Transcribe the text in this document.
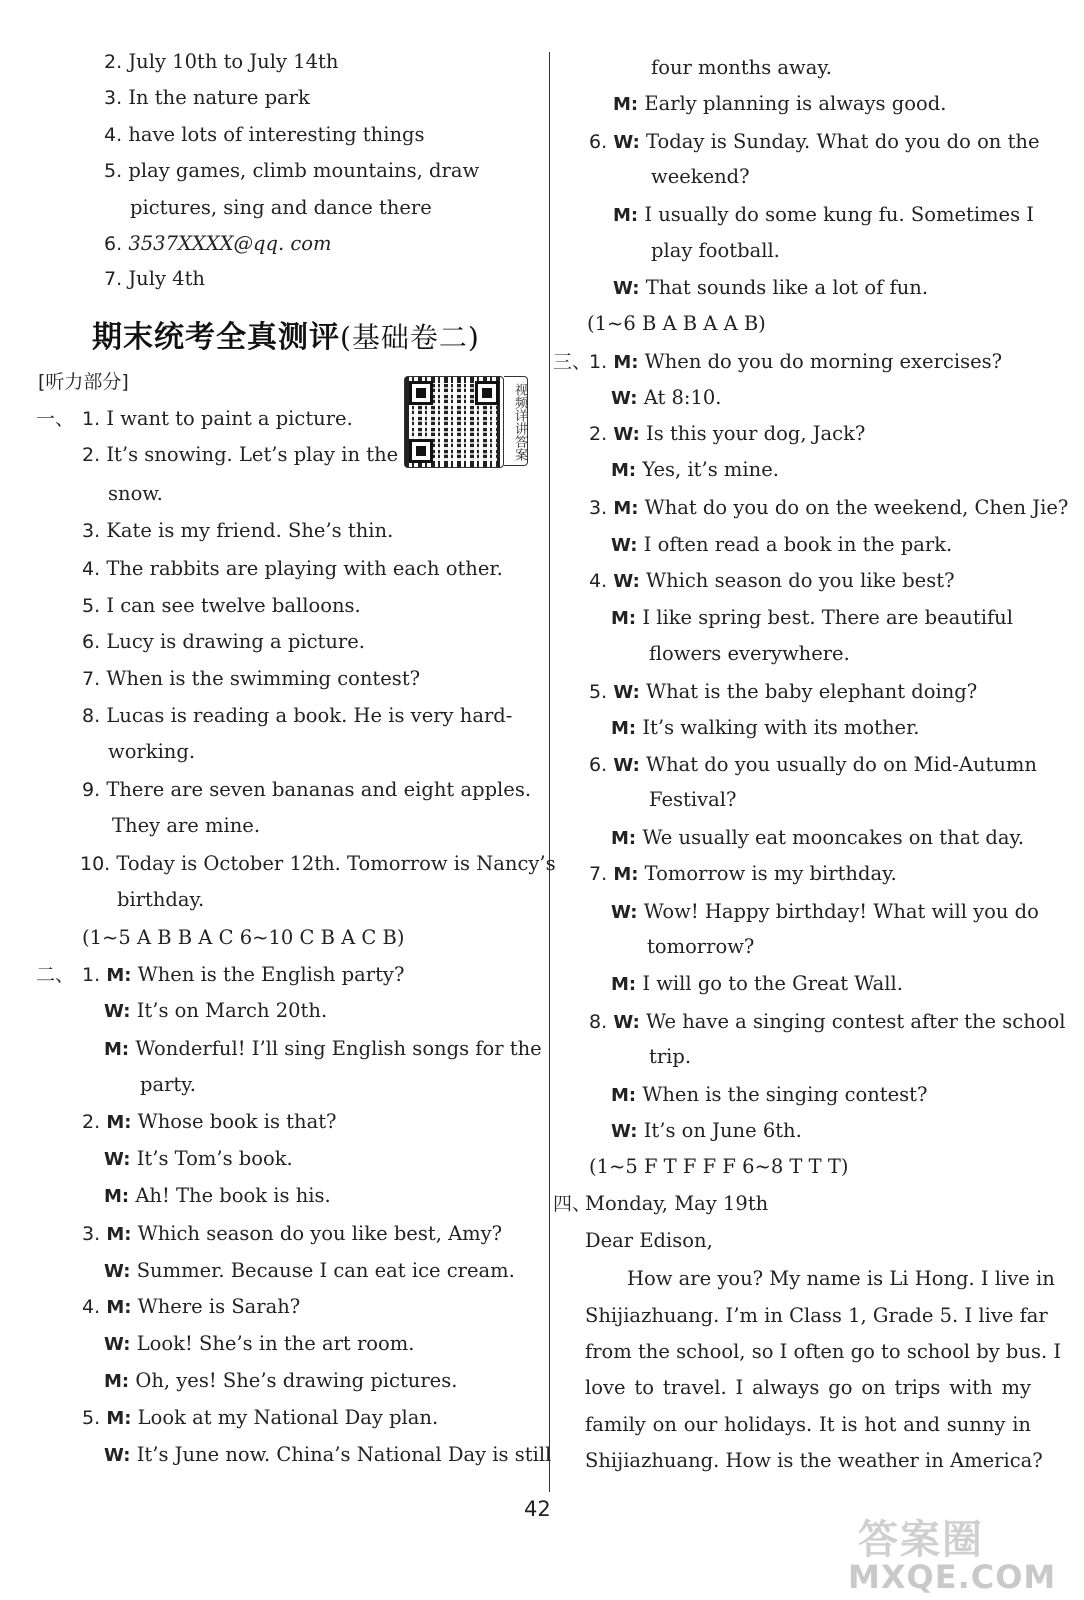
2. July 10th to July 14th
3. In the nature park
4. have lots of interesting things
5. play games, climb mountains, draw
pictures, sing and dance there
6. 3537XXXX@qq. com
7. July 4th
期末统考全真测评(基础卷二)
[听力部分]
视频详讲答案
一、 1. I want to paint a picture.
2. It’s snowing. Let’s play in the
snow.
3. Kate is my friend. She’s thin.
4. The rabbits are playing with each other.
5. I can see twelve balloons.
6. Lucy is drawing a picture.
7. When is the swimming contest?
8. Lucas is reading a book. He is very hard-
working.
9. There are seven bananas and eight apples.
They are mine.
10. Today is October 12th. Tomorrow is Nancy’s
birthday.
(1~5 A B B A C 6~10 C B A C B)
二、 1. M: When is the English party?
W: It’s on March 20th.
M: Wonderful! I’ll sing English songs for the
party.
2. M: Whose book is that?
W: It’s Tom’s book.
M: Ah! The book is his.
3. M: Which season do you like best, Amy?
W: Summer. Because I can eat ice cream.
4. M: Where is Sarah?
W: Look! She’s in the art room.
M: Oh, yes! She’s drawing pictures.
5. M: Look at my National Day plan.
W: It’s June now. China’s National Day is still
four months away.
M: Early planning is always good.
6. W: Today is Sunday. What do you do on the
weekend?
M: I usually do some kung fu. Sometimes I
play football.
W: That sounds like a lot of fun.
(1~6 B A B A A B)
三、
1. M: When do you do morning exercises?
W: At 8:10.
2. W: Is this your dog, Jack?
M: Yes, it’s mine.
3. M: What do you do on the weekend, Chen Jie?
W: I often read a book in the park.
4. W: Which season do you like best?
M: I like spring best. There are beautiful
flowers everywhere.
5. W: What is the baby elephant doing?
M: It’s walking with its mother.
6. W: What do you usually do on Mid-Autumn
Festival?
M: We usually eat mooncakes on that day.
7. M: Tomorrow is my birthday.
W: Wow! Happy birthday! What will you do
tomorrow?
M: I will go to the Great Wall.
8. W: We have a singing contest after the school
trip.
M: When is the singing contest?
W: It’s on June 6th.
(1~5 F T F F F 6~8 T T T)
四、
Monday, May 19th
Dear Edison,
How are you? My name is Li Hong. I live in
Shijiazhuang. I’m in Class 1, Grade 5. I live far
from the school, so I often go to school by bus. I
love to travel. I always go on trips with my
family on our holidays. It is hot and sunny in
Shijiazhuang. How is the weather in America?
42
答案圈
MXQE.COM
